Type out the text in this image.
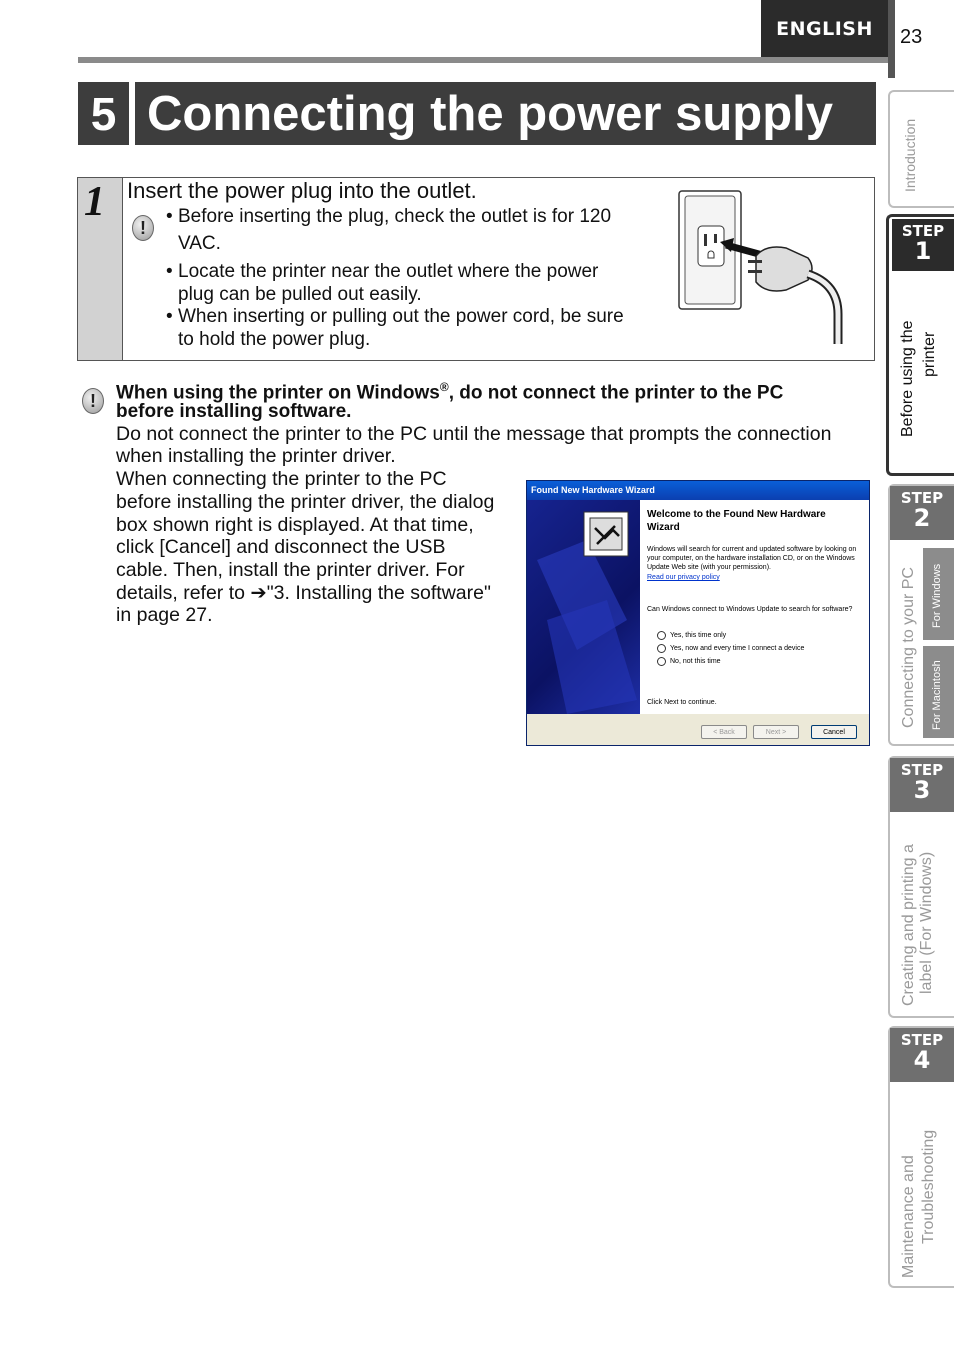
ENGLISH	23
5 Connecting the power supply
1 Insert the power plug into the outlet.
!
• Before inserting the plug, check the outlet is for 120
VAC.
• Locate the printer near the outlet where the power
plug can be pulled out easily.
• When inserting or pulling out the power cord, be sure
to hold the power plug.
!	When using the printer on Windows®, do not connect the printer to the PC
before installing software.
Do not connect the printer to the PC until the message that prompts the connection
when installing the printer driver.
When connecting the printer to the PC
before installing the printer driver, the dialog
box shown right is displayed. At that time,
click [Cancel] and disconnect the USB
cable. Then, install the printer driver. For
details, refer to ➔"3. Installing the software"
in page 27.
Found New Hardware Wizard
Welcome to the Found New Hardware Wizard
Windows will search for current and updated software by looking on your computer, on the hardware installation CD, or on the Windows Update Web site (with your permission).
Read our privacy policy
Can Windows connect to Windows Update to search for software?
Yes, this time only
Yes, now and every time I connect a device
No, not this time
Click Next to continue.
< Back	Next >	Cancel
Introduction
STEP
1
Before using the printer
STEP
2
Connecting to your PC For Windows
For Macintosh
STEP
3
Creating and printing a label (For Windows)
STEP
4
Maintenance and Troubleshooting
